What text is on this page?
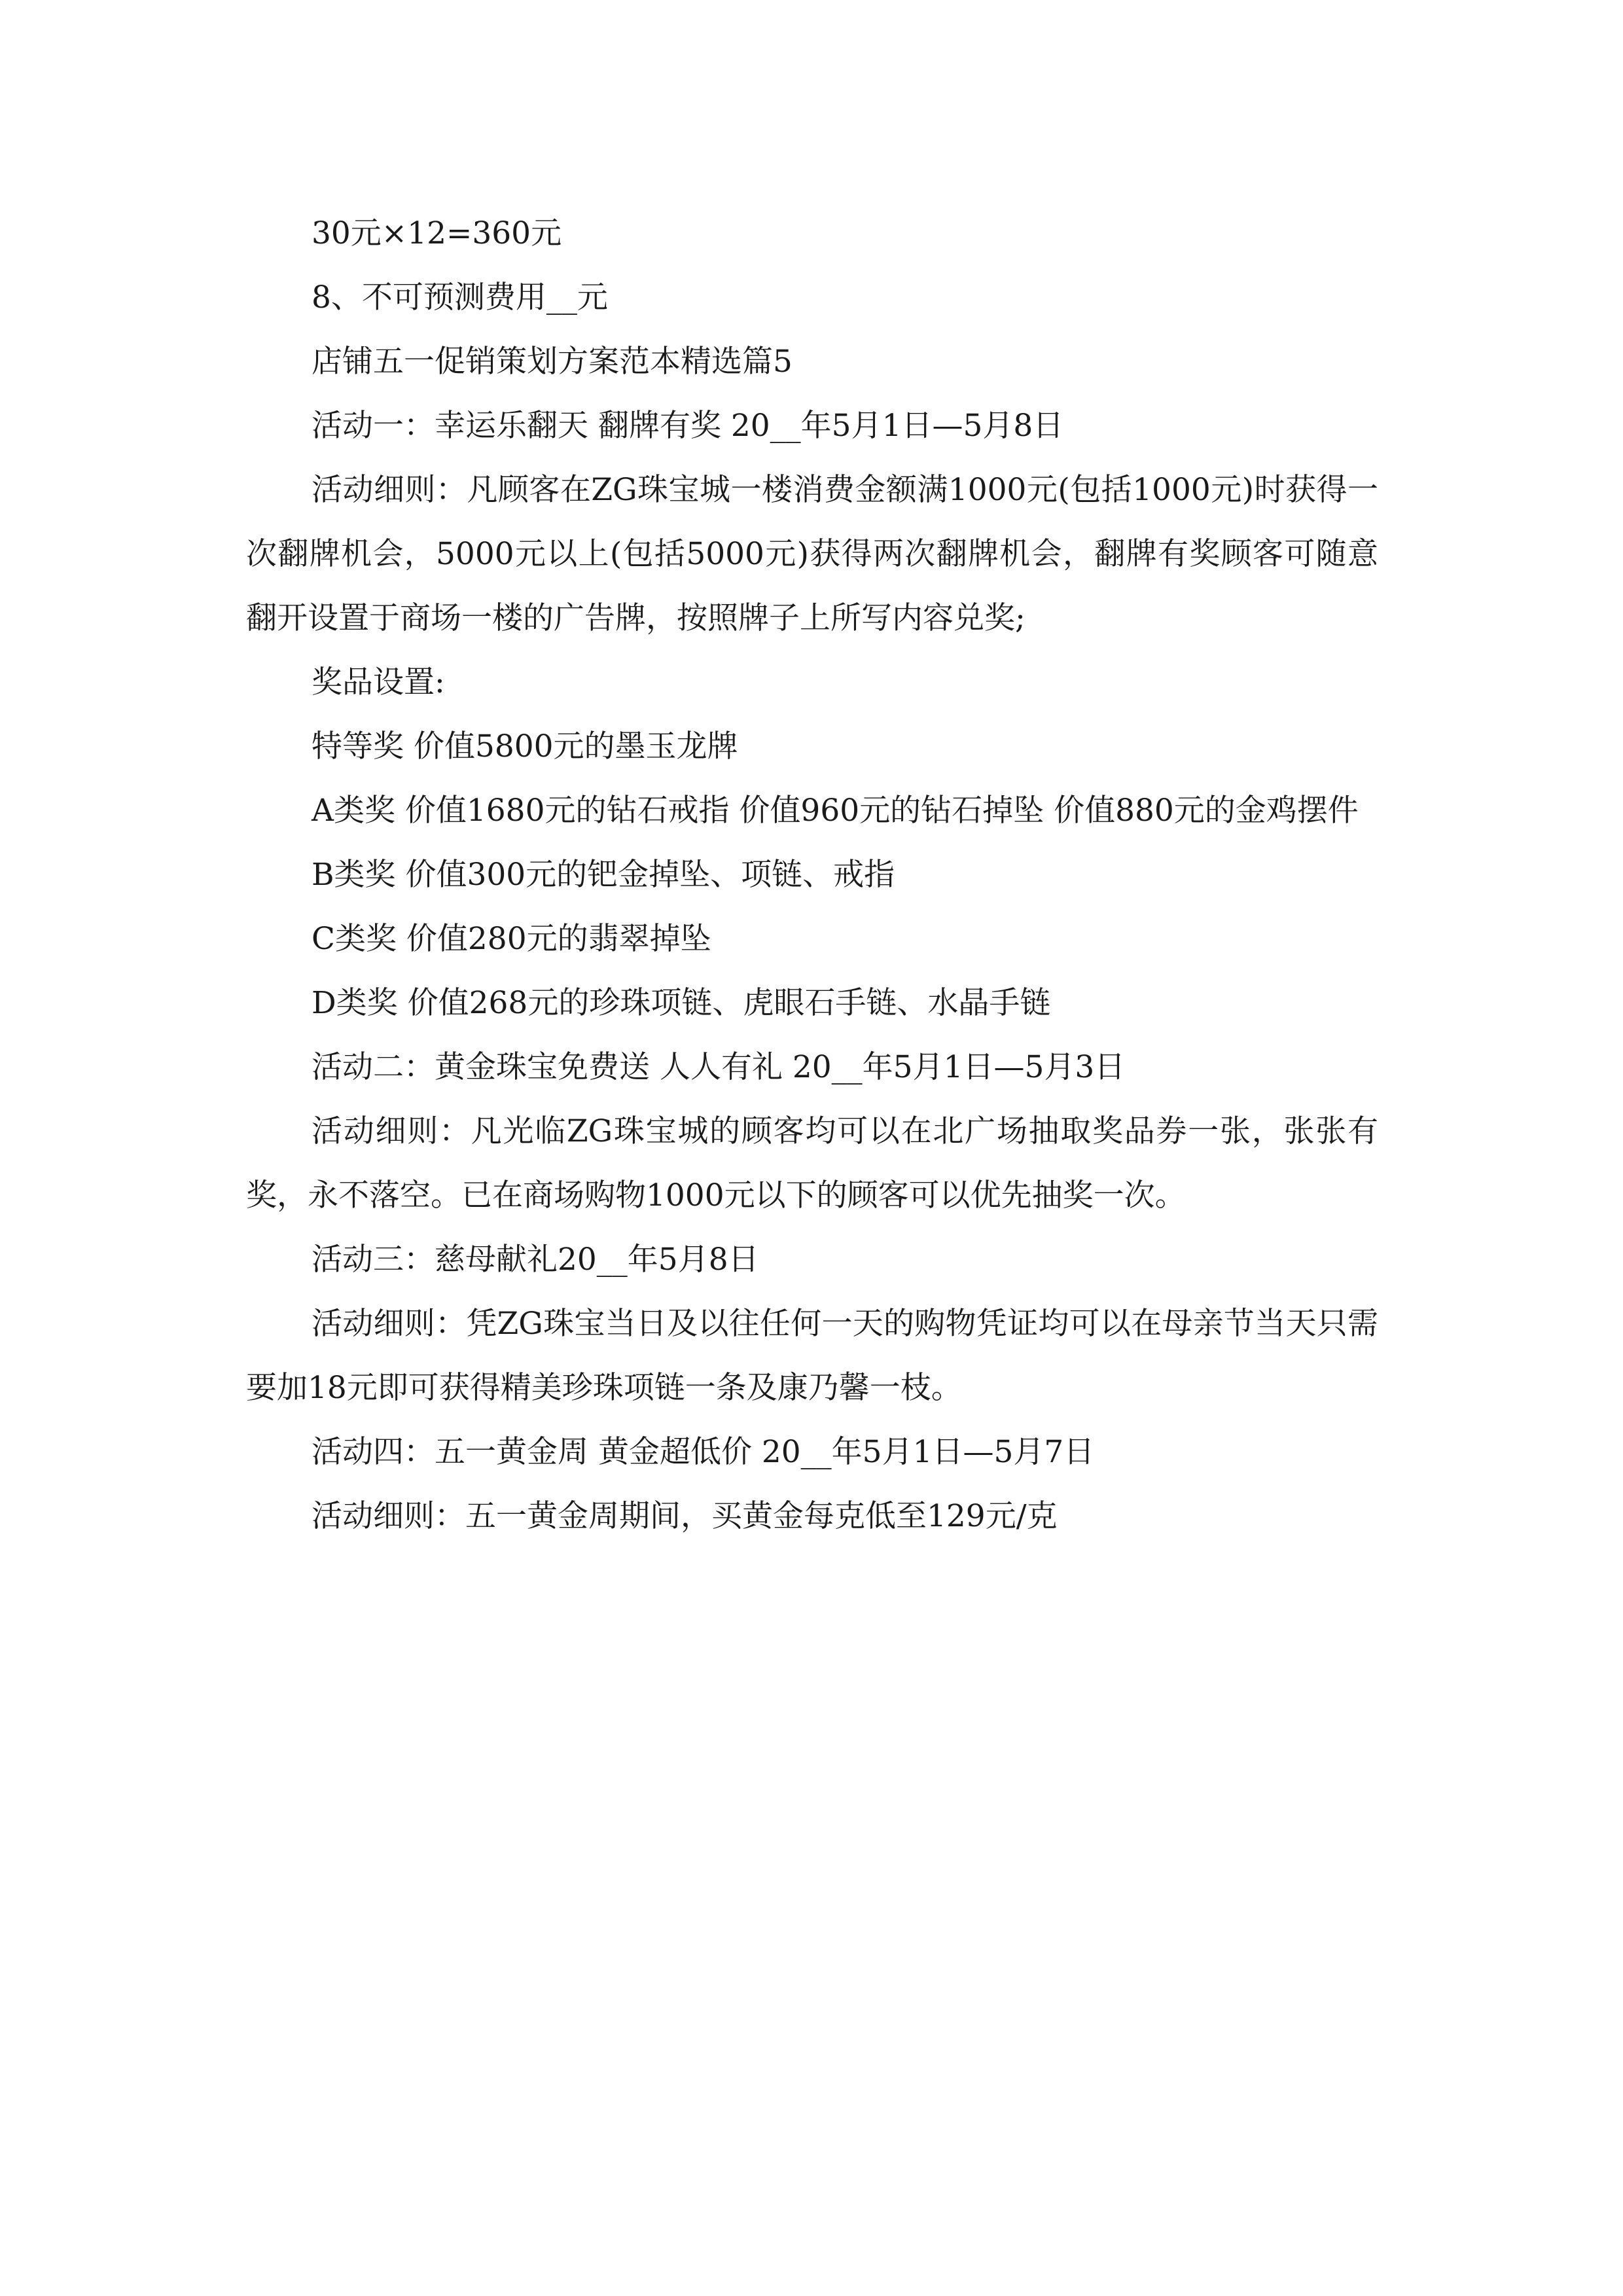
30元×12=360元

8、不可预测费用__元

店铺五一促销策划方案范本精选篇5

活动一：幸运乐翻天 翻牌有奖 20__年5月1日—5月8日

活动细则：凡顾客在ZG珠宝城一楼消费金额满1000元(包括1000元)时获得一次翻牌机会，5000元以上(包括5000元)获得两次翻牌机会，翻牌有奖顾客可随意翻开设置于商场一楼的广告牌，按照牌子上所写内容兑奖;

奖品设置:

特等奖 价值5800元的墨玉龙牌

A类奖 价值1680元的钻石戒指 价值960元的钻石掉坠 价值880元的金鸡摆件

B类奖 价值300元的钯金掉坠、项链、戒指

C类奖 价值280元的翡翠掉坠

D类奖 价值268元的珍珠项链、虎眼石手链、水晶手链

活动二：黄金珠宝免费送 人人有礼 20__年5月1日—5月3日

活动细则：凡光临ZG珠宝城的顾客均可以在北广场抽取奖品券一张，张张有奖，永不落空。已在商场购物1000元以下的顾客可以优先抽奖一次。

活动三：慈母献礼20__年5月8日

活动细则：凭ZG珠宝当日及以往任何一天的购物凭证均可以在母亲节当天只需要加18元即可获得精美珍珠项链一条及康乃馨一枝。

活动四：五一黄金周 黄金超低价 20__年5月1日—5月7日

活动细则：五一黄金周期间，买黄金每克低至129元/克
